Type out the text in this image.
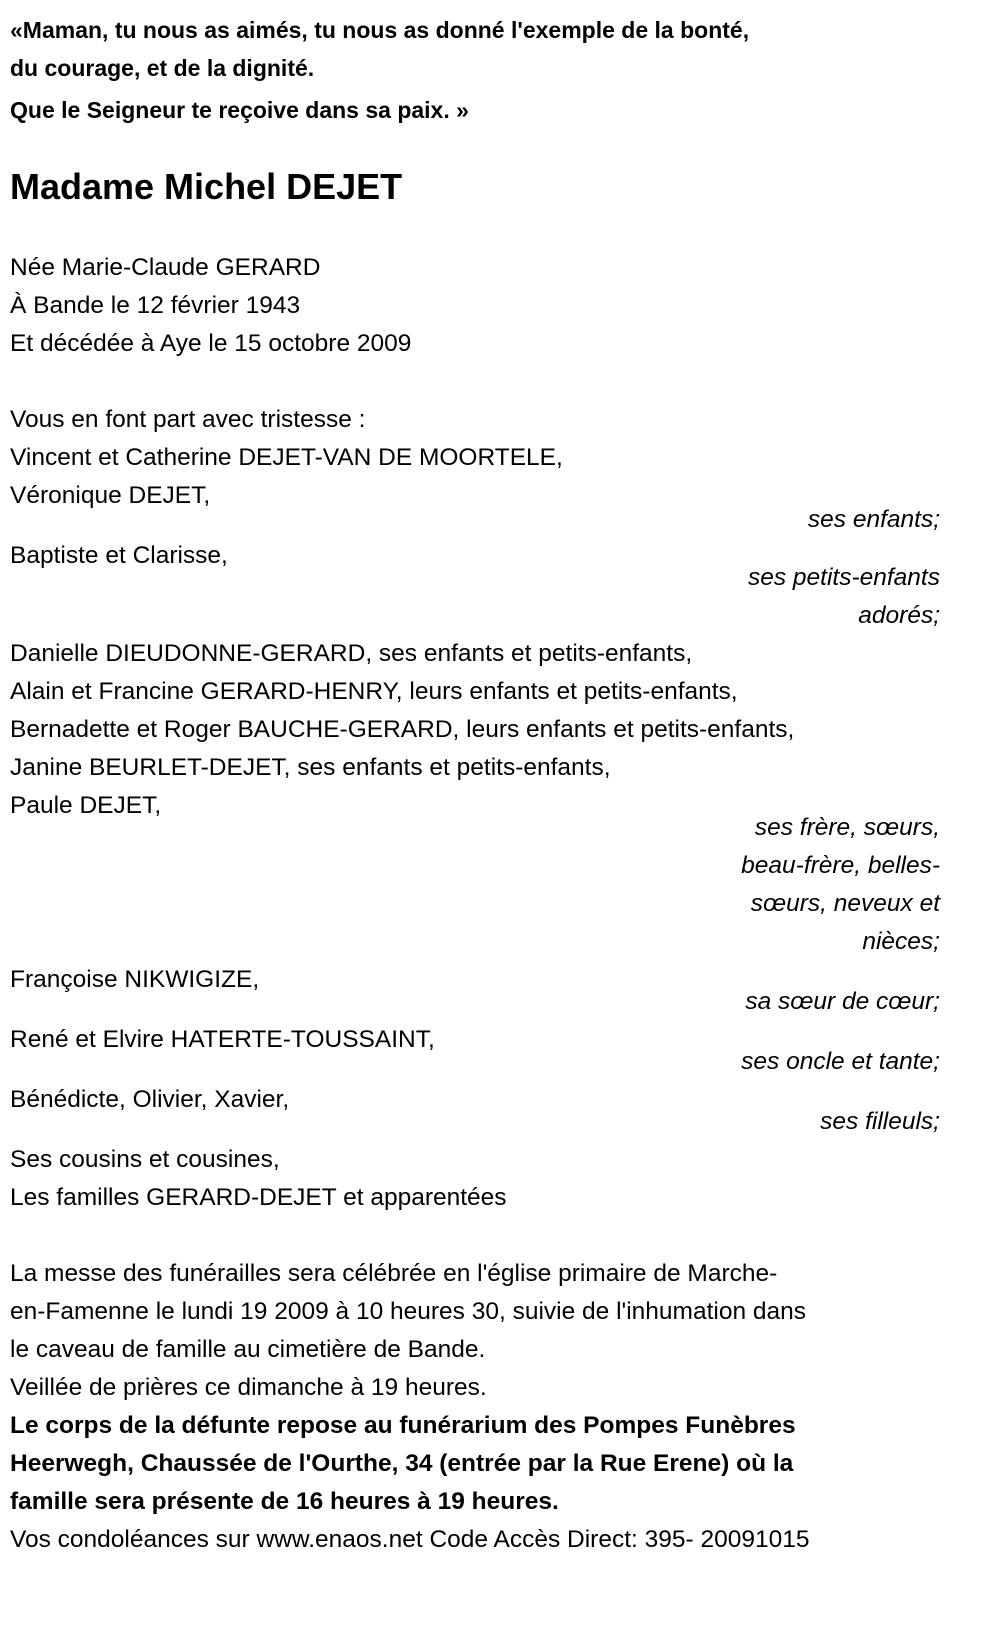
«Maman, tu nous as aimés, tu nous as donné l'exemple de la bonté,
du courage, et de la dignité.
Que le Seigneur te reçoive dans sa paix. »
Madame Michel DEJET
Née Marie-Claude GERARD
À Bande le 12 février 1943
Et décédée à Aye le 15 octobre 2009
Vous en font part avec tristesse :
Vincent et Catherine DEJET-VAN DE MOORTELE,
Véronique DEJET,
ses enfants;
Baptiste et Clarisse,
ses petits-enfants
adorés;
Danielle DIEUDONNE-GERARD, ses enfants et petits-enfants,
Alain et Francine GERARD-HENRY, leurs enfants et petits-enfants,
Bernadette et Roger BAUCHE-GERARD, leurs enfants et petits-enfants,
Janine BEURLET-DEJET, ses enfants et petits-enfants,
Paule DEJET,
ses frère, sœurs,
beau-frère, belles-
sœurs, neveux et
nièces;
Françoise NIKWIGIZE,
sa sœur de cœur;
René et Elvire HATERTE-TOUSSAINT,
ses oncle et tante;
Bénédicte, Olivier, Xavier,
ses filleuls;
Ses cousins et cousines,
Les familles GERARD-DEJET et apparentées
La messe des funérailles sera célébrée en l'église primaire de Marche-
en-Famenne le lundi 19 2009 à 10 heures 30, suivie de l'inhumation dans
le caveau de famille au cimetière de Bande.
Veillée de prières ce dimanche à 19 heures.
Le corps de la défunte repose au funérarium des Pompes Funèbres
Heerwegh, Chaussée de l'Ourthe, 34 (entrée par la Rue Erene) où la
famille sera présente de 16 heures à 19 heures.
Vos condoléances sur www.enaos.net Code Accès Direct: 395- 20091015
